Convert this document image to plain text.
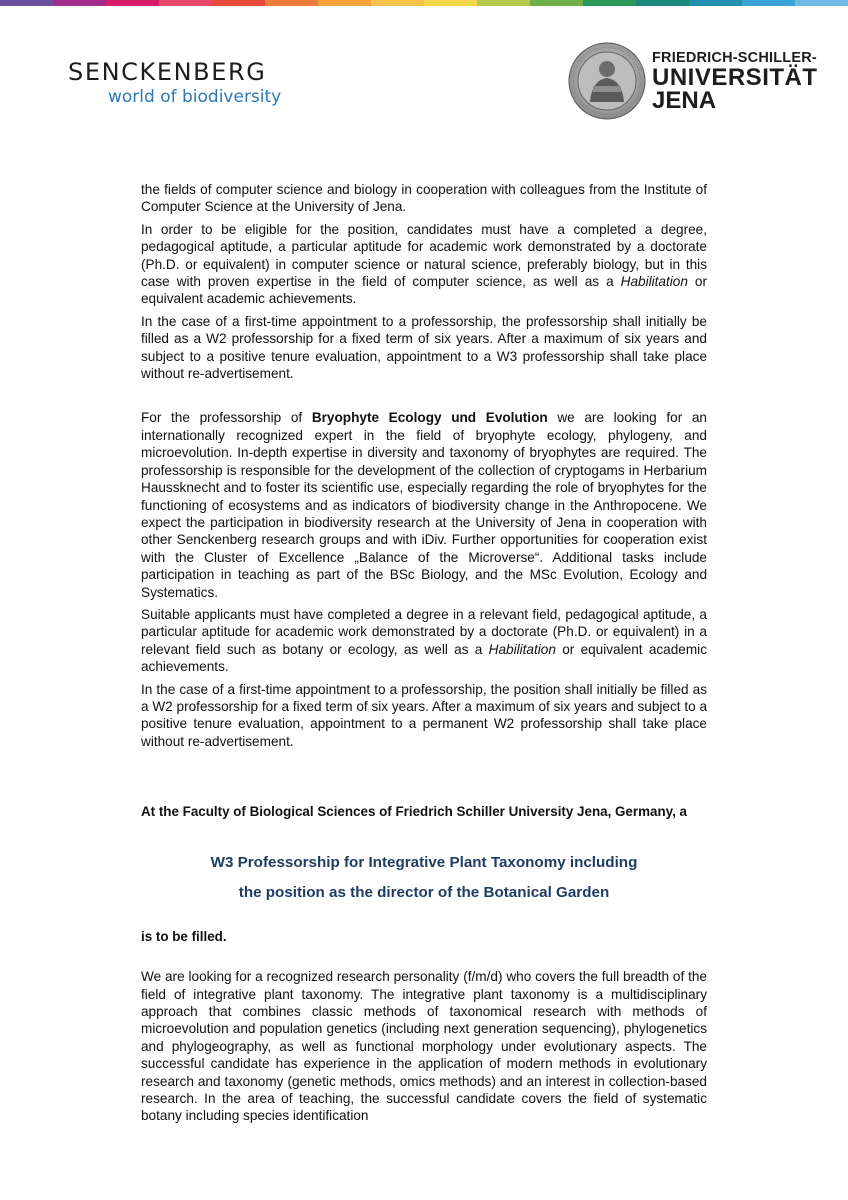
SENCKENBERG
world of biodiversity
FRIEDRICH-SCHILLER-
UNIVERSITÄT
JENA

the fields of computer science and biology in cooperation with colleagues from the Institute of Computer Science at the University of Jena.

In order to be eligible for the position, candidates must have a completed a degree, pedagogical aptitude, a particular aptitude for academic work demonstrated by a doctorate (Ph.D. or equivalent) in computer science or natural science, preferably biology, but in this case with proven expertise in the field of computer science, as well as a Habilitation or equivalent academic achievements.

In the case of a first-time appointment to a professorship, the professorship shall initially be filled as a W2 professorship for a fixed term of six years. After a maximum of six years and subject to a positive tenure evaluation, appointment to a W3 professorship shall take place without re-advertisement.

For the professorship of Bryophyte Ecology und Evolution we are looking for an internationally recognized expert in the field of bryophyte ecology, phylogeny, and microevolution. In-depth expertise in diversity and taxonomy of bryophytes are required. The professorship is responsible for the development of the collection of cryptogams in Herbarium Haussknecht and to foster its scientific use, especially regarding the role of bryophytes for the functioning of ecosystems and as indicators of biodiversity change in the Anthropocene. We expect the participation in biodiversity research at the University of Jena in cooperation with other Senckenberg research groups and with iDiv. Further opportunities for cooperation exist with the Cluster of Excellence „Balance of the Microverse“. Additional tasks include participation in teaching as part of the BSc Biology, and the MSc Evolution, Ecology and Systematics.

Suitable applicants must have completed a degree in a relevant field, pedagogical aptitude, a particular aptitude for academic work demonstrated by a doctorate (Ph.D. or equivalent) in a relevant field such as botany or ecology, as well as a Habilitation or equivalent academic achievements.

In the case of a first-time appointment to a professorship, the position shall initially be filled as a W2 professorship for a fixed term of six years. After a maximum of six years and subject to a positive tenure evaluation, appointment to a permanent W2 professorship shall take place without re-advertisement.

At the Faculty of Biological Sciences of Friedrich Schiller University Jena, Germany, a

W3 Professorship for Integrative Plant Taxonomy including
the position as the director of the Botanical Garden

is to be filled.

We are looking for a recognized research personality (f/m/d) who covers the full breadth of the field of integrative plant taxonomy. The integrative plant taxonomy is a multidisciplinary approach that combines classic methods of taxonomical research with methods of microevolution and population genetics (including next generation sequencing), phylogenetics and phylogeography, as well as functional morphology under evolutionary aspects. The successful candidate has experience in the application of modern methods in evolutionary research and taxonomy (genetic methods, omics methods) and an interest in collection-based research. In the area of teaching, the successful candidate covers the field of systematic botany including species identification
